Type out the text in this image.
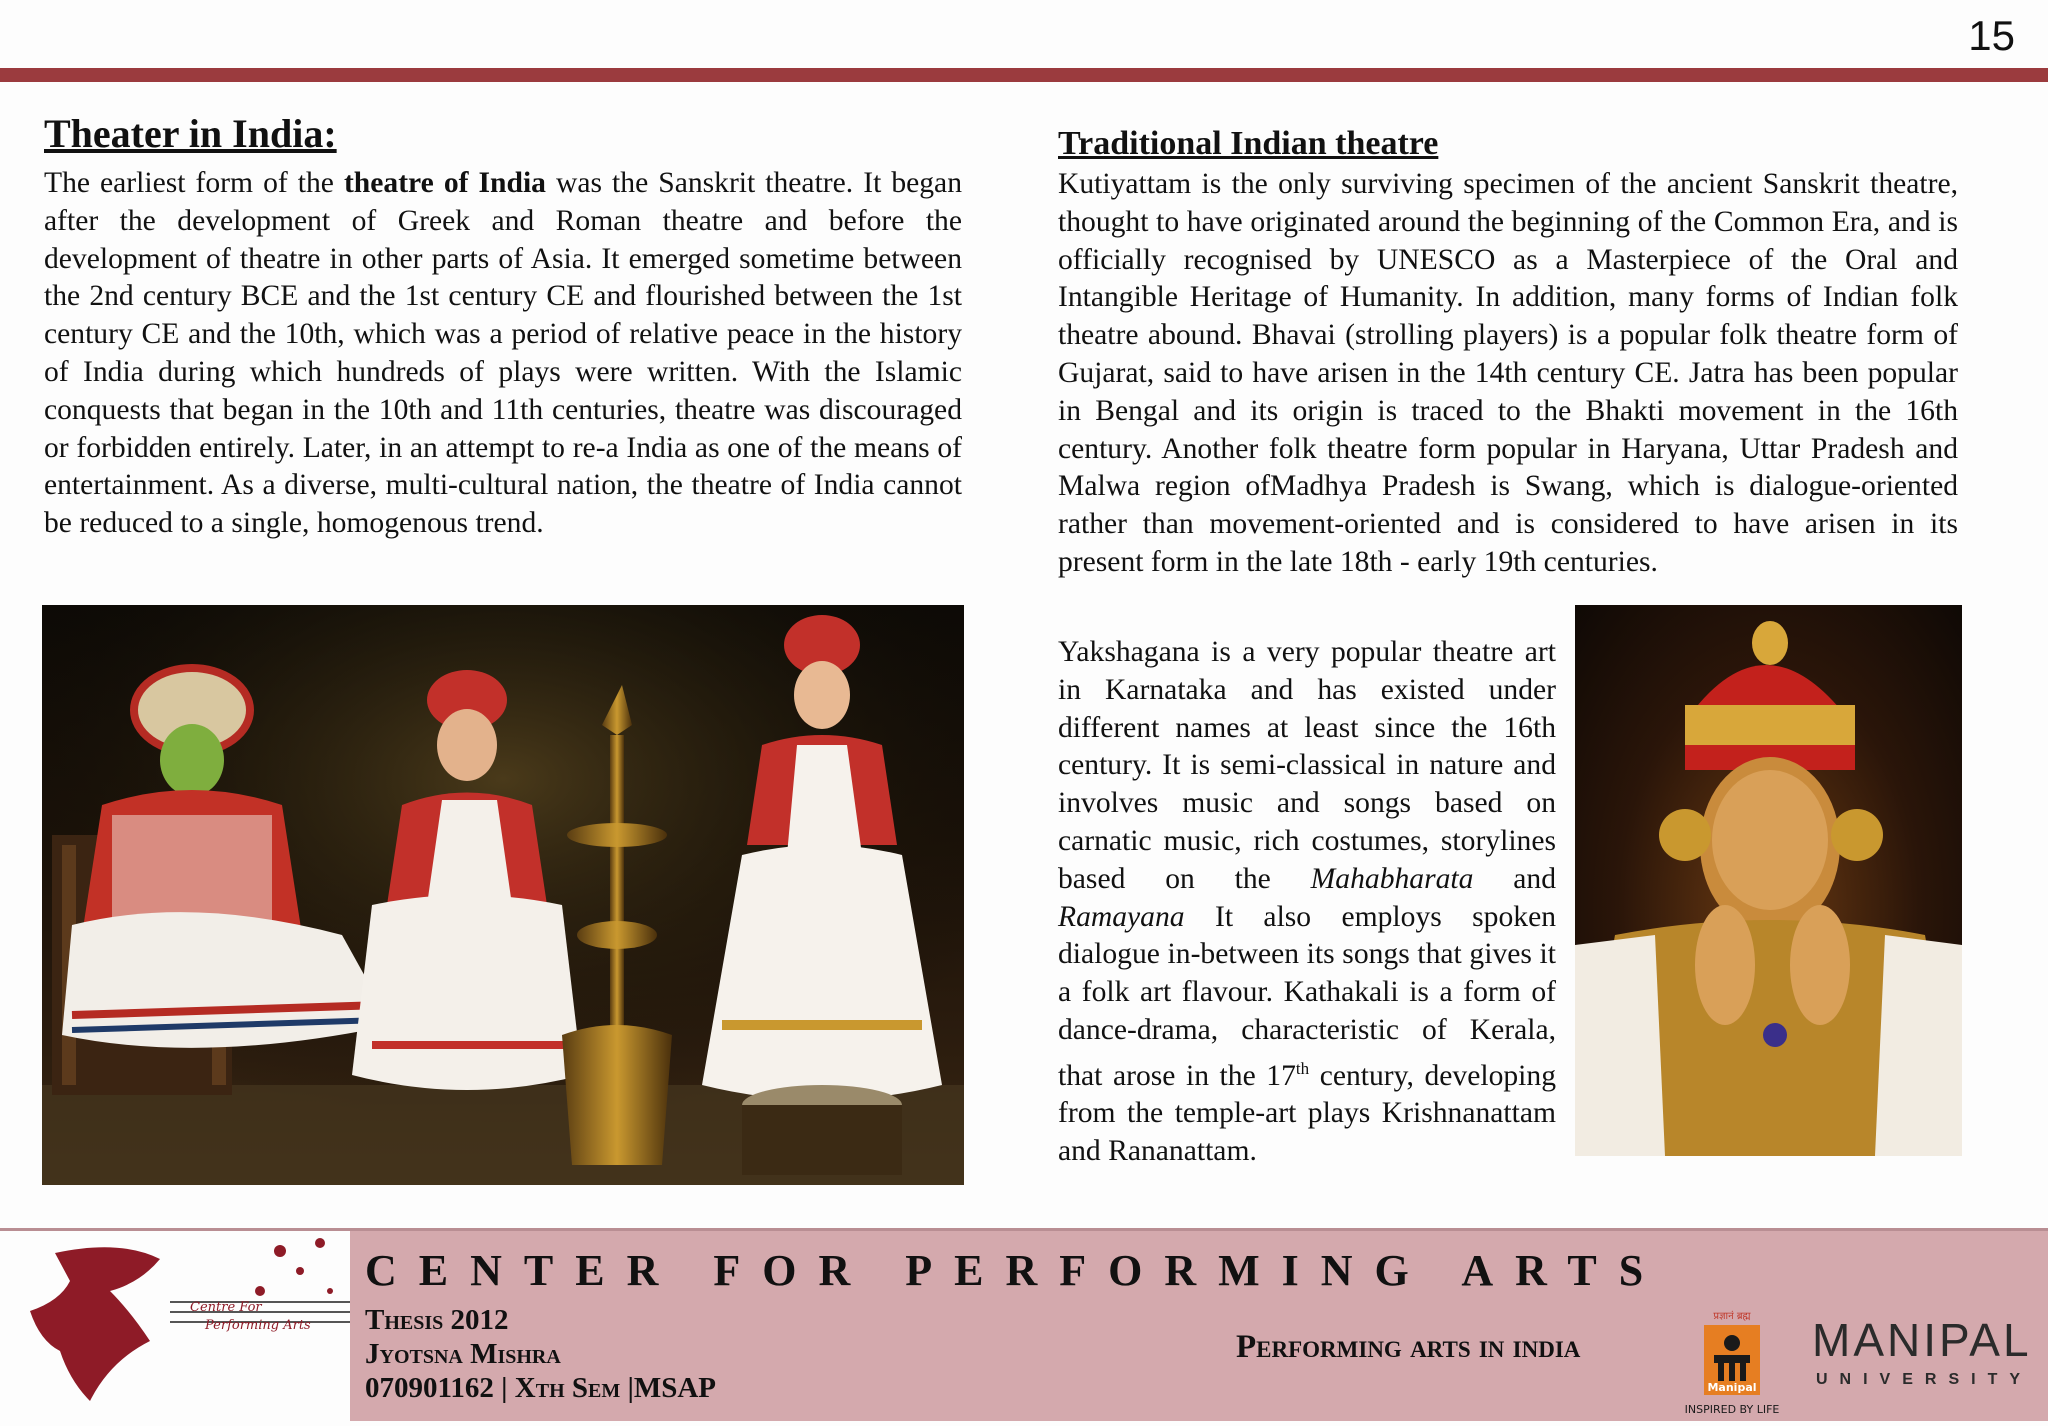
15
Theater in India:

The earliest form of the theatre of India was the Sanskrit theatre. It began after the development of Greek and Roman theatre and before the development of theatre in other parts of Asia. It emerged sometime between the 2nd century BCE and the 1st century CE and flourished between the 1st century CE and the 10th, which was a period of relative peace in the history of India during which hundreds of plays were written. With the Islamic conquests that began in the 10th and 11th centuries, theatre was discouraged or forbidden entirely. Later, in an attempt to re-a India as one of the means of entertainment. As a diverse, multi-cultural nation, the theatre of India cannot be reduced to a single, homogenous trend.

Traditional Indian theatre

Kutiyattam is the only surviving specimen of the ancient Sanskrit theatre, thought to have originated around the beginning of the Common Era, and is officially recognised by UNESCO as a Masterpiece of the Oral and Intangible Heritage of Humanity. In addition, many forms of Indian folk theatre abound. Bhavai (strolling players) is a popular folk theatre form of Gujarat, said to have arisen in the 14th century CE. Jatra has been popular in Bengal and its origin is traced to the Bhakti movement in the 16th century. Another folk theatre form popular in Haryana, Uttar Pradesh and Malwa region ofMadhya Pradesh is Swang, which is dialogue-oriented rather than movement-oriented and is considered to have arisen in its present form in the late 18th - early 19th centuries.

Yakshagana is a very popular theatre art in Karnataka and has existed under different names at least since the 16th century. It is semi-classical in nature and involves music and songs based on carnatic music, rich costumes, storylines based on the Mahabharata and Ramayana It also employs spoken dialogue in-between its songs that gives it a folk art flavour. Kathakali is a form of dance-drama, characteristic of Kerala, that arose in the 17th century, developing from the temple-art plays Krishnanattam and Rananattam.

Centre For
Performing Arts
CENTER FOR PERFORMING ARTS
Thesis 2012
Jyotsna Mishra
070901162 | Xth Sem |MSAP
Performing arts in india
प्रज्ञानं ब्रह्म
Manipal
INSPIRED BY LIFE
MANIPAL
UNIVERSITY
